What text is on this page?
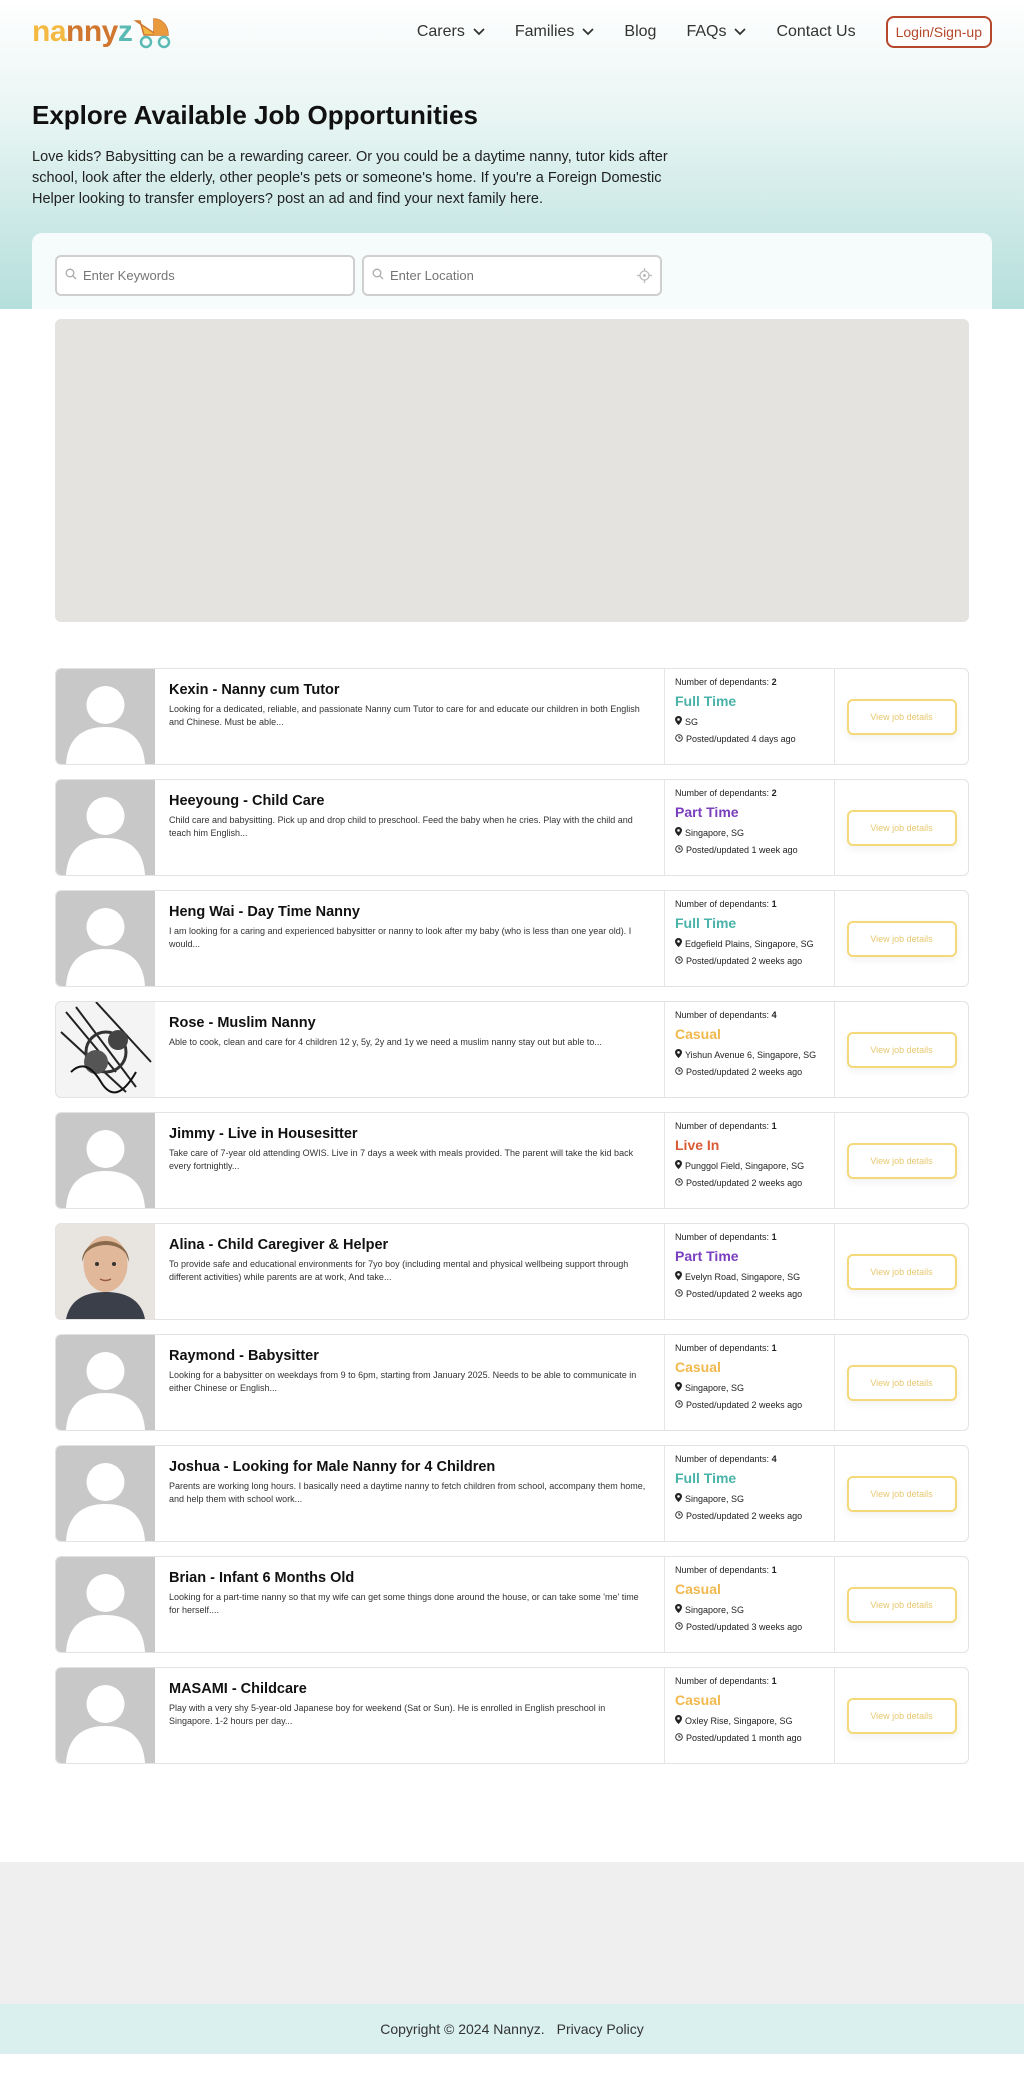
na nny z	Carers	Families	Blog FAQs	Contact Us	Login/Sign-up
Explore Available Job Opportunities

Love kids? Babysitting can be a rewarding career. Or you could be a daytime nanny, tutor kids after school, look after the elderly, other people's pets or someone's home. If you're a Foreign Domestic Helper looking to transfer employers? post an ad and find your next family here.

Enter Keywords
Enter Location
Kexin - Nanny cum Tutor
Looking for a dedicated, reliable, and passionate Nanny cum Tutor to care for and educate our children in both English and Chinese. Must be able...
Number of dependants: 2
Full Time
SG
Posted/updated 4 days ago
View job details
Heeyoung - Child Care
Child care and babysitting. Pick up and drop child to preschool. Feed the baby when he cries. Play with the child and teach him English...
Number of dependants: 2
Part Time
Singapore, SG
Posted/updated 1 week ago
View job details
Heng Wai - Day Time Nanny
I am looking for a caring and experienced babysitter or nanny to look after my baby (who is less than one year old). I would...
Number of dependants: 1
Full Time
Edgefield Plains, Singapore, SG
Posted/updated 2 weeks ago
View job details
Rose - Muslim Nanny
Able to cook, clean and care for 4 children 12 y, 5y, 2y and 1y we need a muslim nanny stay out but able to...
Number of dependants: 4
Casual
Yishun Avenue 6, Singapore, SG
Posted/updated 2 weeks ago
View job details
Jimmy - Live in Housesitter
Take care of 7-year old attending OWIS. Live in 7 days a week with meals provided. The parent will take the kid back every fortnightly...
Number of dependants: 1
Live In
Punggol Field, Singapore, SG
Posted/updated 2 weeks ago
View job details
Alina - Child Caregiver & Helper
To provide safe and educational environments for 7yo boy (including mental and physical wellbeing support through different activities) while parents are at work, And take...
Number of dependants: 1
Part Time
Evelyn Road, Singapore, SG
Posted/updated 2 weeks ago
View job details
Raymond - Babysitter
Looking for a babysitter on weekdays from 9 to 6pm, starting from January 2025. Needs to be able to communicate in either Chinese or English...
Number of dependants: 1
Casual
Singapore, SG
Posted/updated 2 weeks ago
View job details
Joshua - Looking for Male Nanny for 4 Children
Parents are working long hours. I basically need a daytime nanny to fetch children from school, accompany them home, and help them with school work...
Number of dependants: 4
Full Time
Singapore, SG
Posted/updated 2 weeks ago
View job details
Brian - Infant 6 Months Old
Looking for a part-time nanny so that my wife can get some things done around the house, or can take some 'me' time for herself....
Number of dependants: 1
Casual
Singapore, SG
Posted/updated 3 weeks ago
View job details
MASAMI - Childcare
Play with a very shy 5-year-old Japanese boy for weekend (Sat or Sun). He is enrolled in English preschool in Singapore. 1-2 hours per day...
Number of dependants: 1
Casual
Oxley Rise, Singapore, SG
Posted/updated 1 month ago
View job details
Copyright © 2024 Nannyz. Privacy Policy
